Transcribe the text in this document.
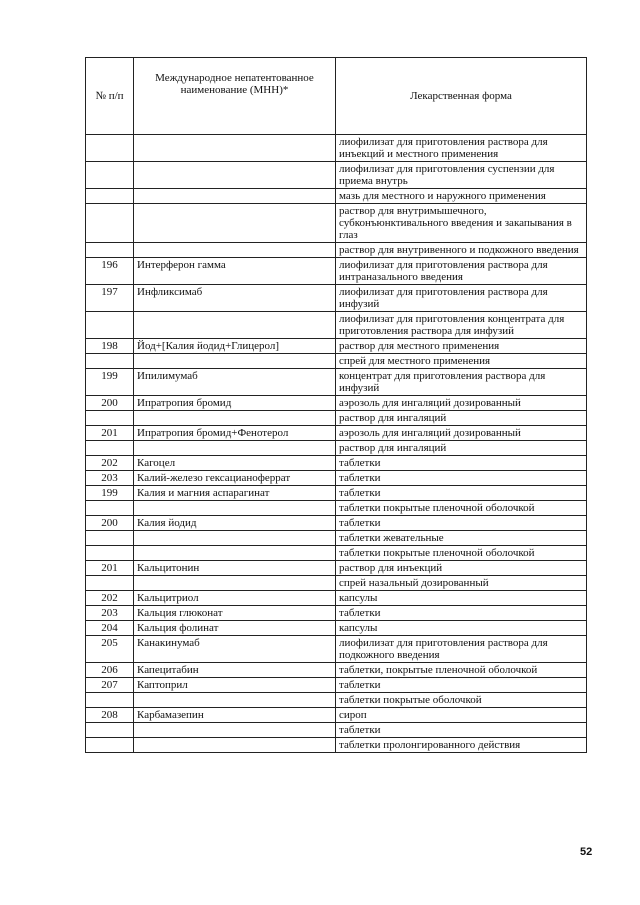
№ п/п	Международное непатентованное наименование (МНН)*	Лекарственная форма
		лиофилизат для приготовления раствора для инъекций и местного применения
		лиофилизат для приготовления суспензии для приема внутрь
		мазь для местного и наружного применения
		раствор для внутримышечного, субконъюнктивального введения и закапывания в глаз
		раствор для внутривенного и подкожного введения
196	Интерферон гамма	лиофилизат для приготовления раствора для интраназального введения
197	Инфликсимаб	лиофилизат для приготовления раствора для инфузий
		лиофилизат для приготовления концентрата для приготовления раствора для инфузий
198	Йод+[Калия йодид+Глицерол]	раствор для местного применения
		спрей для местного применения
199	Ипилимумаб	концентрат для приготовления раствора для инфузий
200	Ипратропия бромид	аэрозоль для ингаляций дозированный
		раствор для ингаляций
201	Ипратропия бромид+Фенотерол	аэрозоль для ингаляций дозированный
		раствор для ингаляций
202	Кагоцел	таблетки
203	Калий-железо гексацианоферрат	таблетки
199	Калия и магния аспарагинат	таблетки
		таблетки покрытые пленочной оболочкой
200	Калия йодид	таблетки
		таблетки жевательные
		таблетки покрытые пленочной оболочкой
201	Кальцитонин	раствор для инъекций
		спрей назальный дозированный
202	Кальцитриол	капсулы
203	Кальция глюконат	таблетки
204	Кальция фолинат	капсулы
205	Канакинумаб	лиофилизат для приготовления раствора для подкожного введения
206	Капецитабин	таблетки, покрытые пленочной оболочкой
207	Каптоприл	таблетки
		таблетки покрытые оболочкой
208	Карбамазепин	сироп
		таблетки
		таблетки пролонгированного действия
52
